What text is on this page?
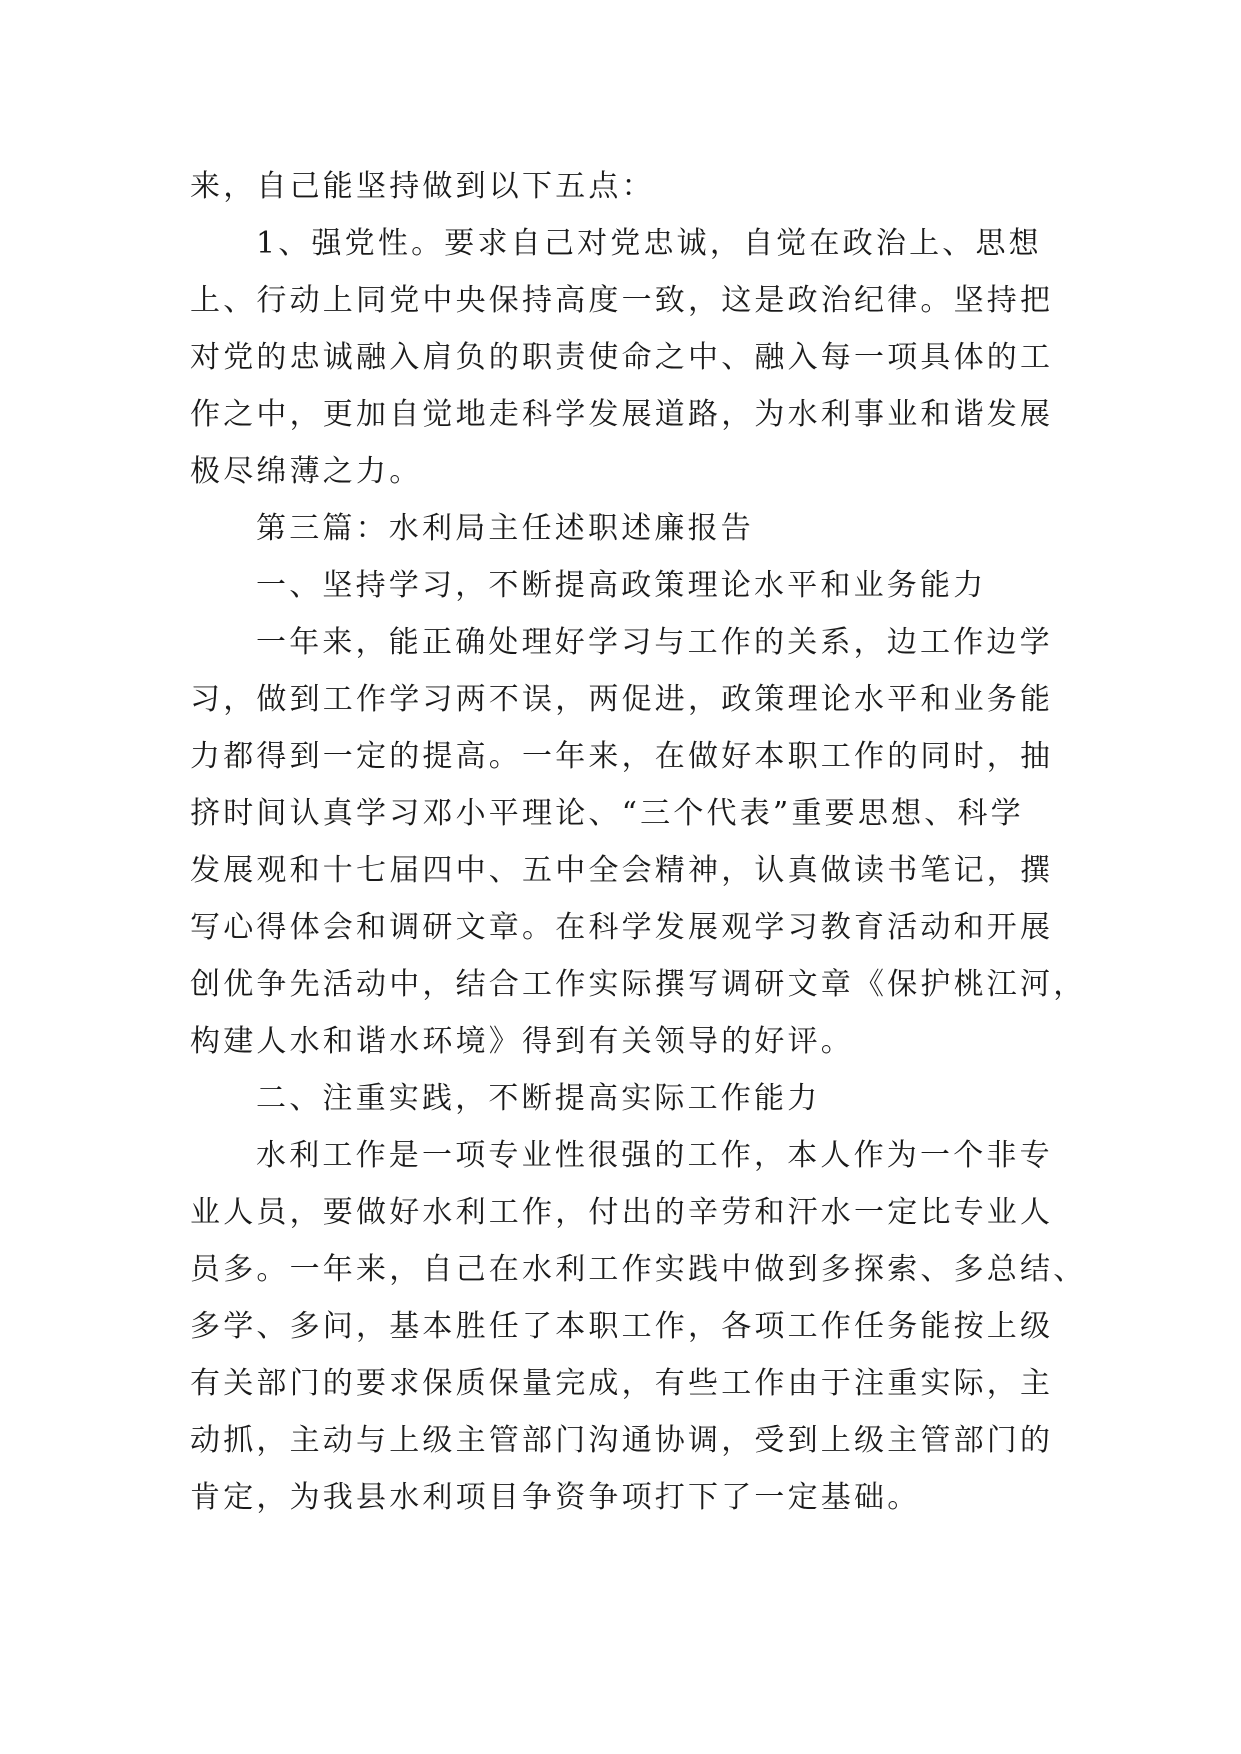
来，自己能坚持做到以下五点：
1、强党性。要求自己对党忠诚，自觉在政治上、思想
上、行动上同党中央保持高度一致，这是政治纪律。坚持把
对党的忠诚融入肩负的职责使命之中、融入每一项具体的工
作之中，更加自觉地走科学发展道路，为水利事业和谐发展
极尽绵薄之力。
第三篇：水利局主任述职述廉报告
一、坚持学习，不断提高政策理论水平和业务能力
一年来，能正确处理好学习与工作的关系，边工作边学
习，做到工作学习两不误，两促进，政策理论水平和业务能
力都得到一定的提高。一年来，在做好本职工作的同时，抽
挤时间认真学习邓小平理论、“三个代表”重要思想、科学
发展观和十七届四中、五中全会精神，认真做读书笔记，撰
写心得体会和调研文章。在科学发展观学习教育活动和开展
创优争先活动中，结合工作实际撰写调研文章《保护桃江河，
构建人水和谐水环境》得到有关领导的好评。
二、注重实践，不断提高实际工作能力
水利工作是一项专业性很强的工作，本人作为一个非专
业人员，要做好水利工作，付出的辛劳和汗水一定比专业人
员多。一年来，自己在水利工作实践中做到多探索、多总结、
多学、多问，基本胜任了本职工作，各项工作任务能按上级
有关部门的要求保质保量完成，有些工作由于注重实际，主
动抓，主动与上级主管部门沟通协调，受到上级主管部门的
肯定，为我县水利项目争资争项打下了一定基础。
